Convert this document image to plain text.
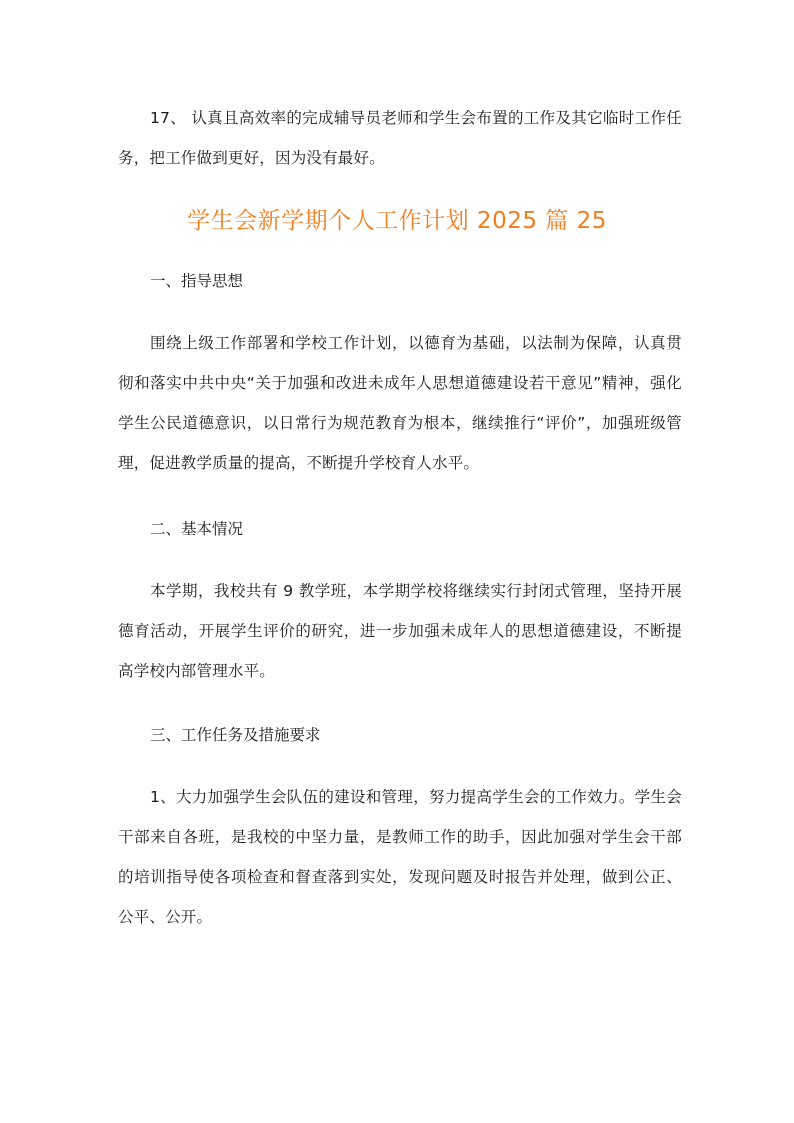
17、 认真且高效率的完成辅导员老师和学生会布置的工作及其它临时工作任务，把工作做到更好，因为没有最好。

学生会新学期个人工作计划 2025 篇 25

一、指导思想

围绕上级工作部署和学校工作计划，以德育为基础，以法制为保障，认真贯彻和落实中共中央“关于加强和改进未成年人思想道德建设若干意见”精神，强化学生公民道德意识，以日常行为规范教育为根本，继续推行“评价”，加强班级管理，促进教学质量的提高，不断提升学校育人水平。

二、基本情况

本学期，我校共有 9 教学班，本学期学校将继续实行封闭式管理，坚持开展德育活动，开展学生评价的研究，进一步加强未成年人的思想道德建设，不断提高学校内部管理水平。

三、工作任务及措施要求

1、大力加强学生会队伍的建设和管理，努力提高学生会的工作效力。学生会干部来自各班，是我校的中坚力量，是教师工作的助手，因此加强对学生会干部的培训指导使各项检查和督查落到实处，发现问题及时报告并处理，做到公正、公平、公开。
